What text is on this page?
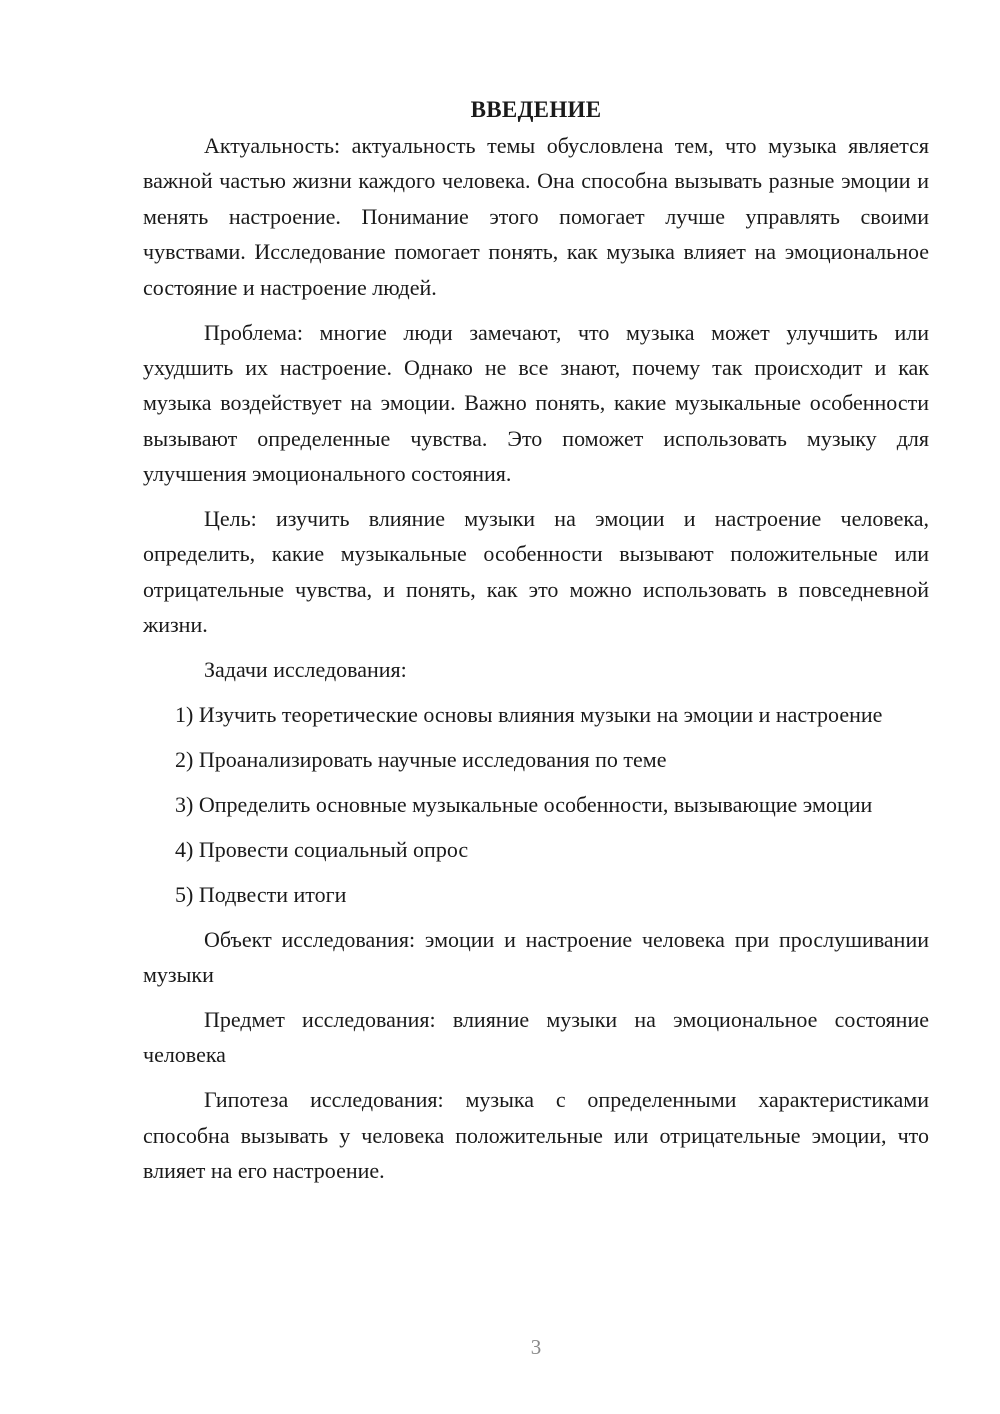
ВВЕДЕНИЕ

Актуальность: актуальность темы обусловлена тем, что музыка является важной частью жизни каждого человека. Она способна вызывать разные эмоции и менять настроение. Понимание этого помогает лучше управлять своими чувствами. Исследование помогает понять, как музыка влияет на эмоциональное состояние и настроение людей.

Проблема: многие люди замечают, что музыка может улучшить или ухудшить их настроение. Однако не все знают, почему так происходит и как музыка воздействует на эмоции. Важно понять, какие музыкальные особенности вызывают определенные чувства. Это поможет использовать музыку для улучшения эмоционального состояния.

Цель: изучить влияние музыки на эмоции и настроение человека, определить, какие музыкальные особенности вызывают положительные или отрицательные чувства, и понять, как это можно использовать в повседневной жизни.

Задачи исследования:

1) Изучить теоретические основы влияния музыки на эмоции и настроение

2) Проанализировать научные исследования по теме

3) Определить основные музыкальные особенности, вызывающие эмоции

4) Провести социальный опрос

5) Подвести итоги

Объект исследования: эмоции и настроение человека при прослушивании музыки

Предмет исследования: влияние музыки на эмоциональное состояние человека

Гипотеза исследования: музыка с определенными характеристиками способна вызывать у человека положительные или отрицательные эмоции, что влияет на его настроение.

3
